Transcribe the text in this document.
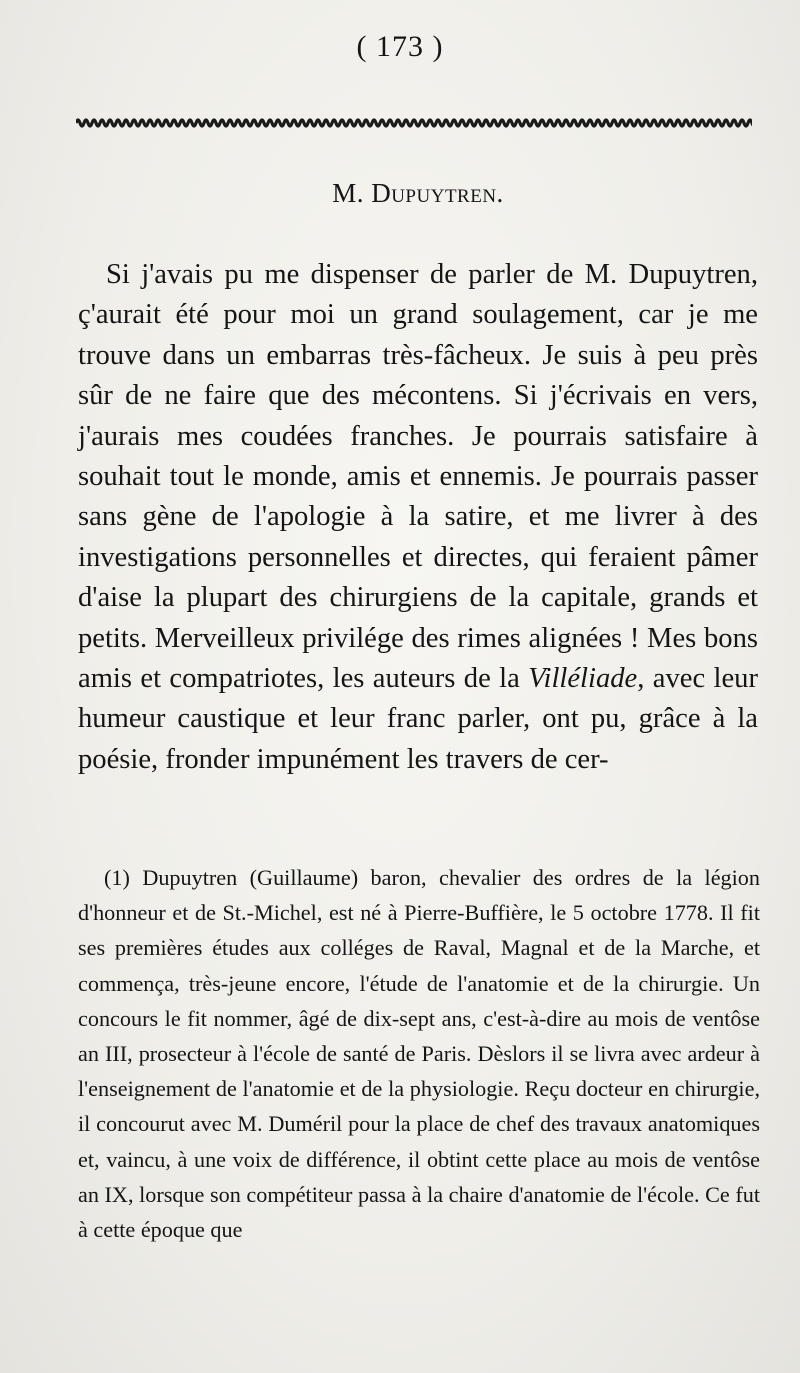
( 173 )
M. Dupuytren.

Si j'avais pu me dispenser de parler de M. Dupuytren, ç'aurait été pour moi un grand soulagement, car je me trouve dans un embarras très-fâcheux. Je suis à peu près sûr de ne faire que des mécontens. Si j'écrivais en vers, j'aurais mes coudées franches. Je pourrais satisfaire à souhait tout le monde, amis et ennemis. Je pourrais passer sans gène de l'apologie à la satire, et me livrer à des investigations personnelles et directes, qui feraient pâmer d'aise la plupart des chirurgiens de la capitale, grands et petits. Merveilleux privilége des rimes alignées ! Mes bons amis et compatriotes, les auteurs de la Villéliade, avec leur humeur caustique et leur franc parler, ont pu, grâce à la poésie, fronder impunément les travers de cer-

(1) Dupuytren (Guillaume) baron, chevalier des ordres de la légion d'honneur et de St.-Michel, est né à Pierre-Buffière, le 5 octobre 1778. Il fit ses premières études aux colléges de Raval, Magnal et de la Marche, et commença, très-jeune encore, l'étude de l'anatomie et de la chirurgie. Un concours le fit nommer, âgé de dix-sept ans, c'est-à-dire au mois de ventôse an III, prosecteur à l'école de santé de Paris. Dèslors il se livra avec ardeur à l'enseignement de l'anatomie et de la physiologie. Reçu docteur en chirurgie, il concourut avec M. Duméril pour la place de chef des travaux anatomiques et, vaincu, à une voix de différence, il obtint cette place au mois de ventôse an IX, lorsque son compétiteur passa à la chaire d'anatomie de l'école. Ce fut à cette époque que
